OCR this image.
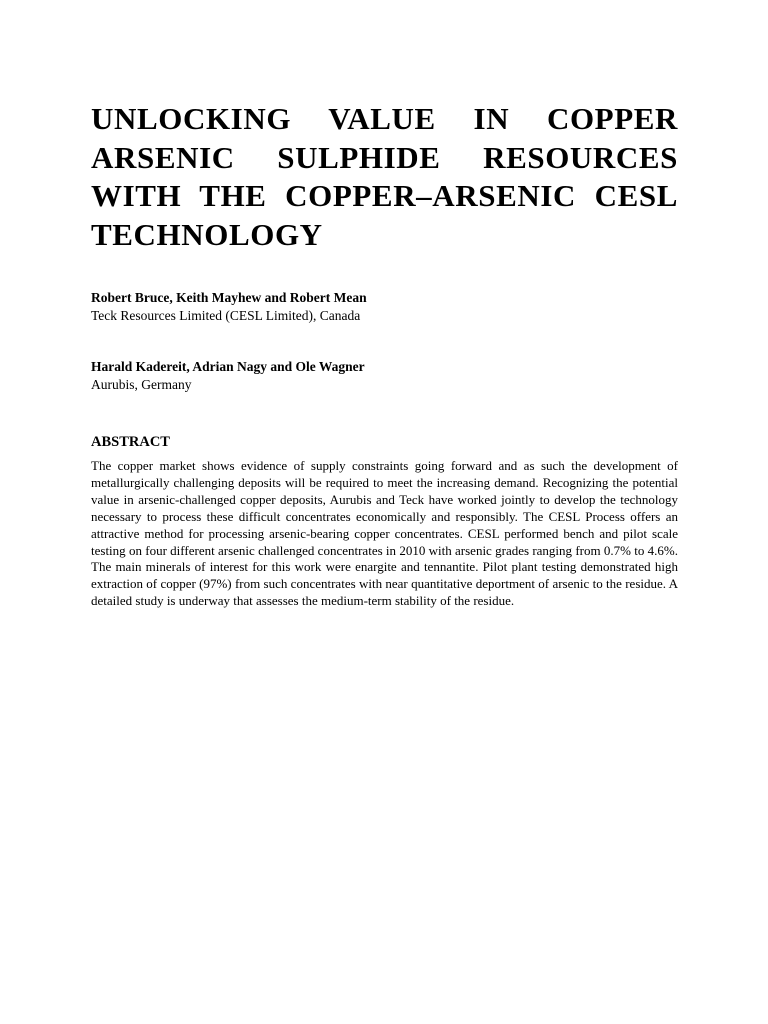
UNLOCKING VALUE IN COPPER ARSENIC SULPHIDE RESOURCES WITH THE COPPER–ARSENIC CESL TECHNOLOGY
Robert Bruce, Keith Mayhew and Robert Mean
Teck Resources Limited (CESL Limited), Canada
Harald Kadereit, Adrian Nagy and Ole Wagner
Aurubis, Germany
ABSTRACT

The copper market shows evidence of supply constraints going forward and as such the development of metallurgically challenging deposits will be required to meet the increasing demand. Recognizing the potential value in arsenic-challenged copper deposits, Aurubis and Teck have worked jointly to develop the technology necessary to process these difficult concentrates economically and responsibly. The CESL Process offers an attractive method for processing arsenic-bearing copper concentrates. CESL performed bench and pilot scale testing on four different arsenic challenged concentrates in 2010 with arsenic grades ranging from 0.7% to 4.6%. The main minerals of interest for this work were enargite and tennantite. Pilot plant testing demonstrated high extraction of copper (97%) from such concentrates with near quantitative deportment of arsenic to the residue. A detailed study is underway that assesses the medium-term stability of the residue.
